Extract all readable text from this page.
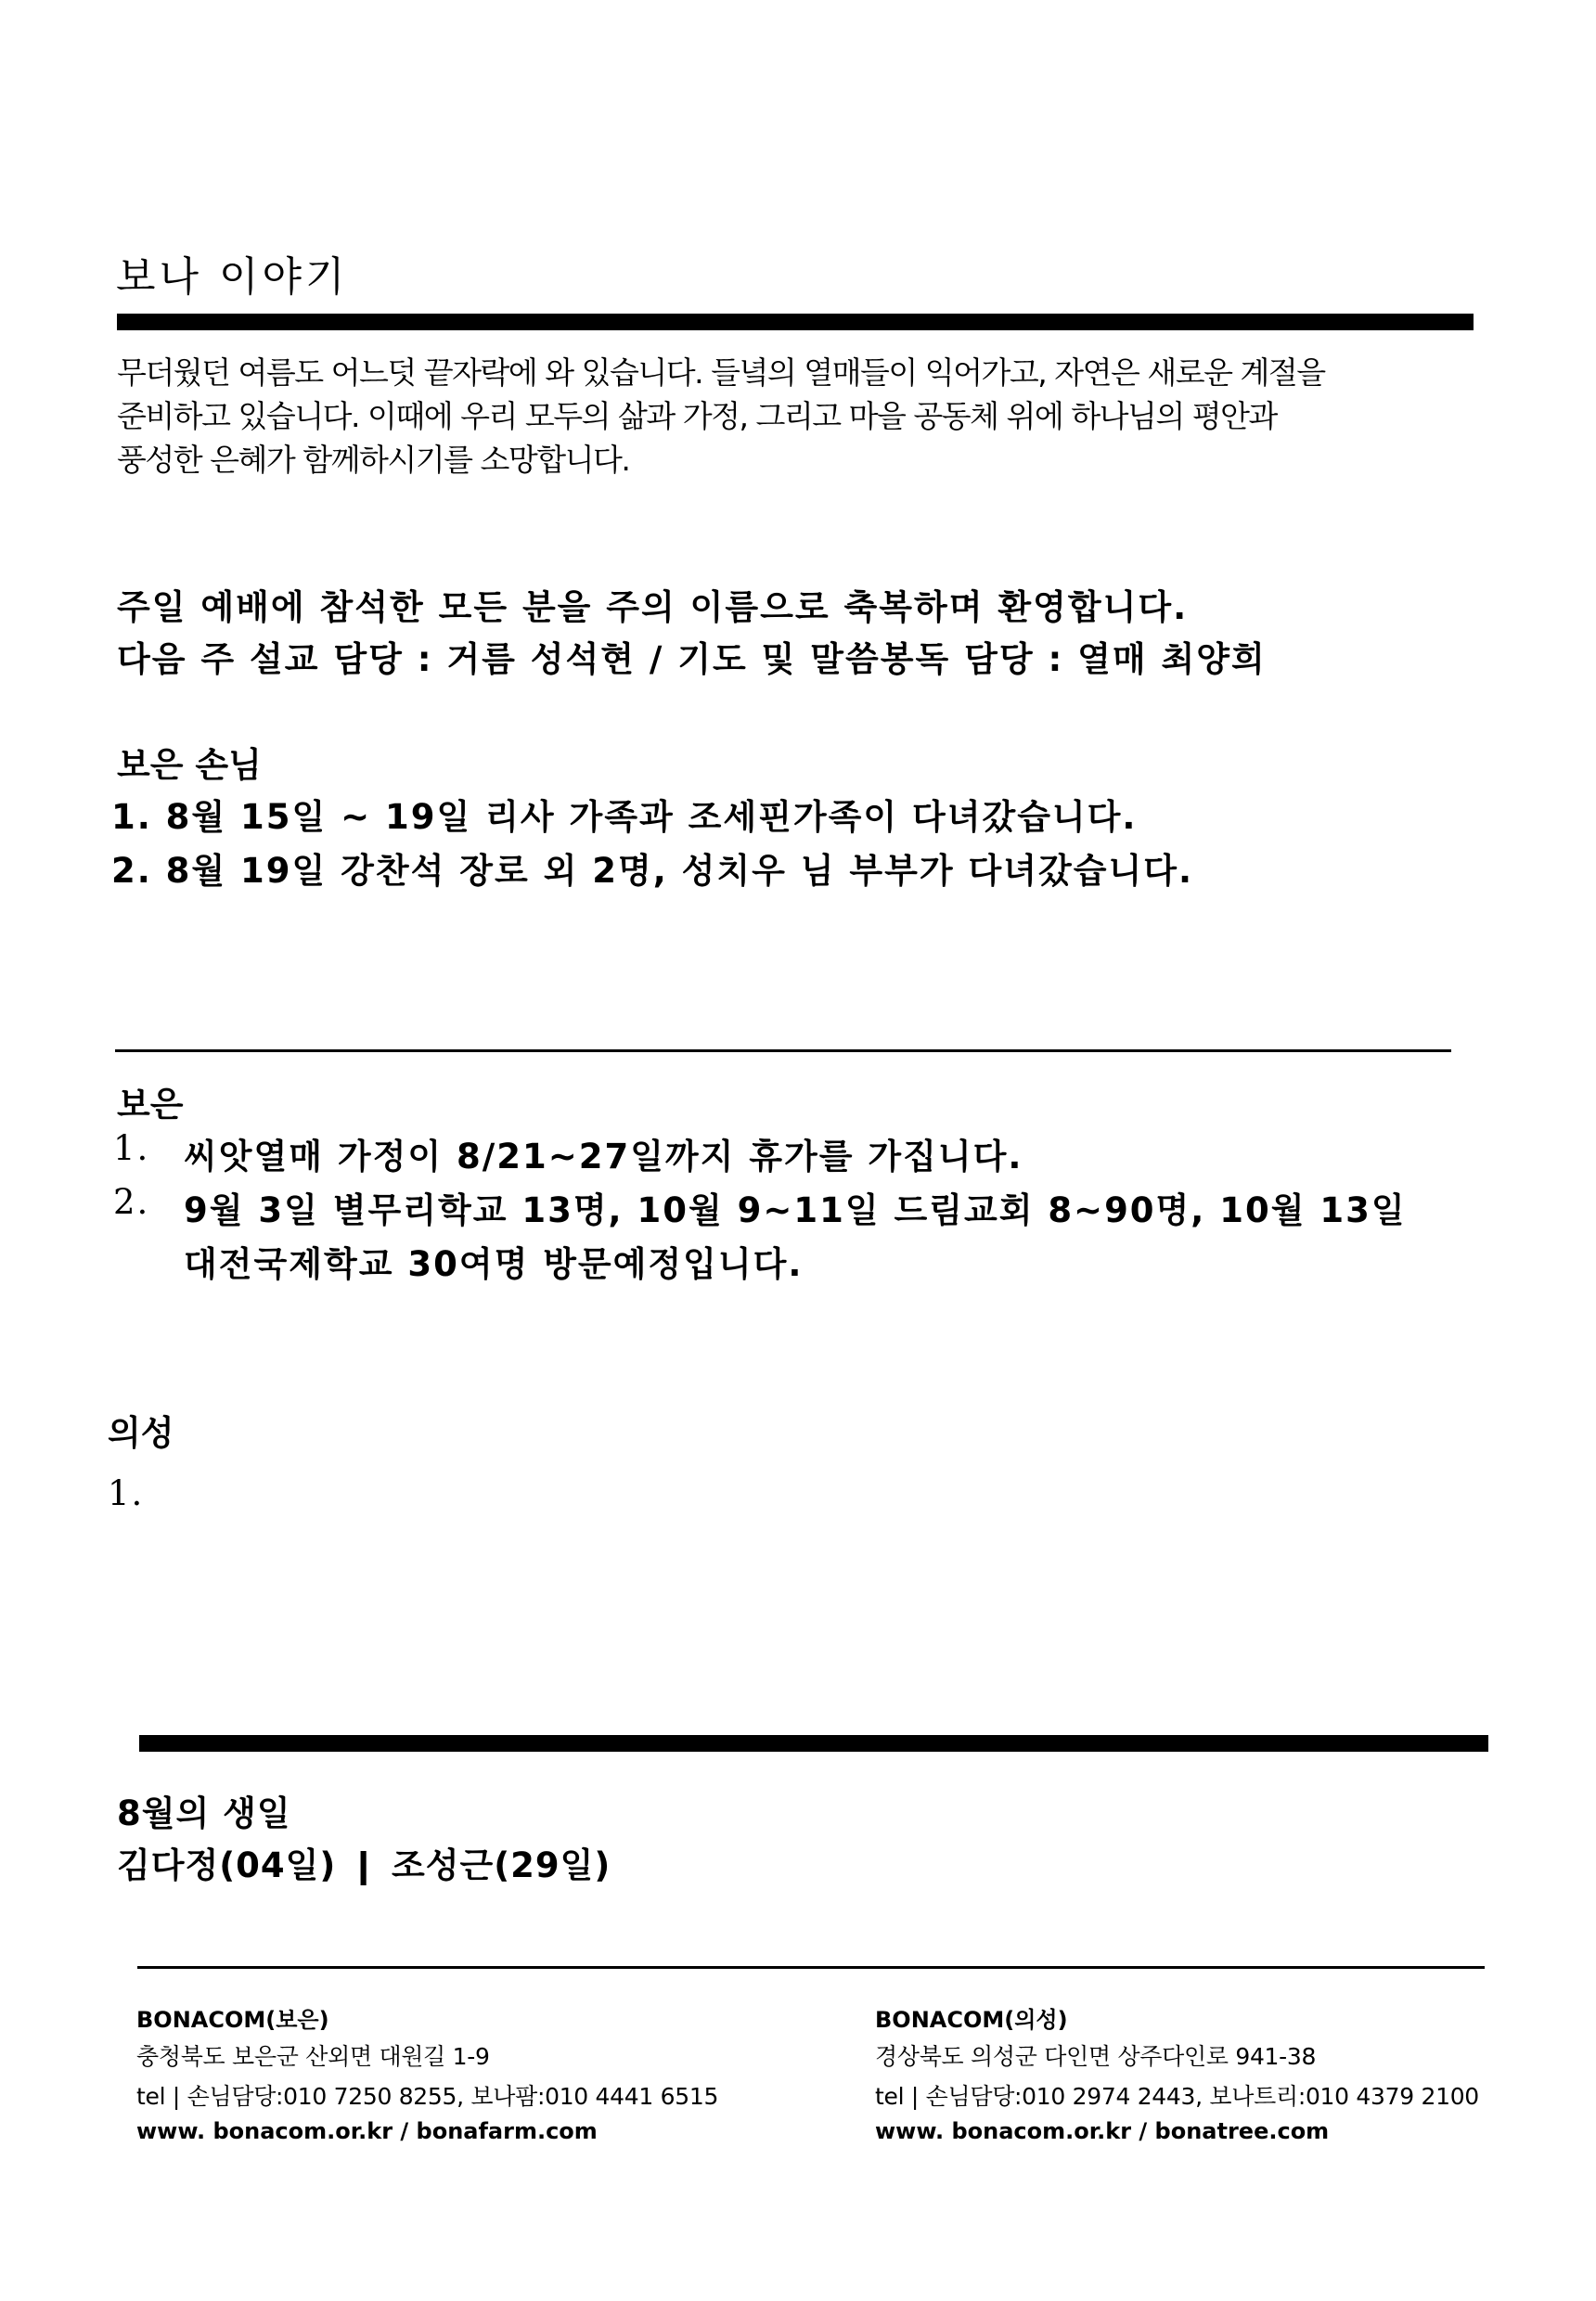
보나 이야기
무더웠던 여름도 어느덧 끝자락에 와 있습니다. 들녘의 열매들이 익어가고, 자연은 새로운 계절을
준비하고 있습니다. 이때에 우리 모두의 삶과 가정, 그리고 마을 공동체 위에 하나님의 평안과
풍성한 은혜가 함께하시기를 소망합니다.
주일 예배에 참석한 모든 분을 주의 이름으로 축복하며 환영합니다.
다음 주 설교 담당 : 거름 성석현 / 기도 및 말씀봉독 담당 : 열매 최양희
보은 손님
1. 8월 15일 ~ 19일 리사 가족과 조세핀가족이 다녀갔습니다.
2. 8월 19일 강찬석 장로 외 2명, 성치우 님 부부가 다녀갔습니다.
보은
1. 씨앗열매 가정이 8/21~27일까지 휴가를 가집니다.
2. 9월 3일 별무리학교 13명, 10월 9~11일 드림교회 8~90명, 10월 13일
대전국제학교 30여명 방문예정입니다.
의성
1.
8월의 생일
김다정(04일) ❙ 조성근(29일)
BONACOM(보은)
충청북도 보은군 산외면 대원길 1-9
tel | 손님담당:010 7250 8255, 보나팜:010 4441 6515
www. bonacom.or.kr / bonafarm.com
BONACOM(의성)
경상북도 의성군 다인면 상주다인로 941-38
tel | 손님담당:010 2974 2443, 보나트리:010 4379 2100
www. bonacom.or.kr / bonatree.com
